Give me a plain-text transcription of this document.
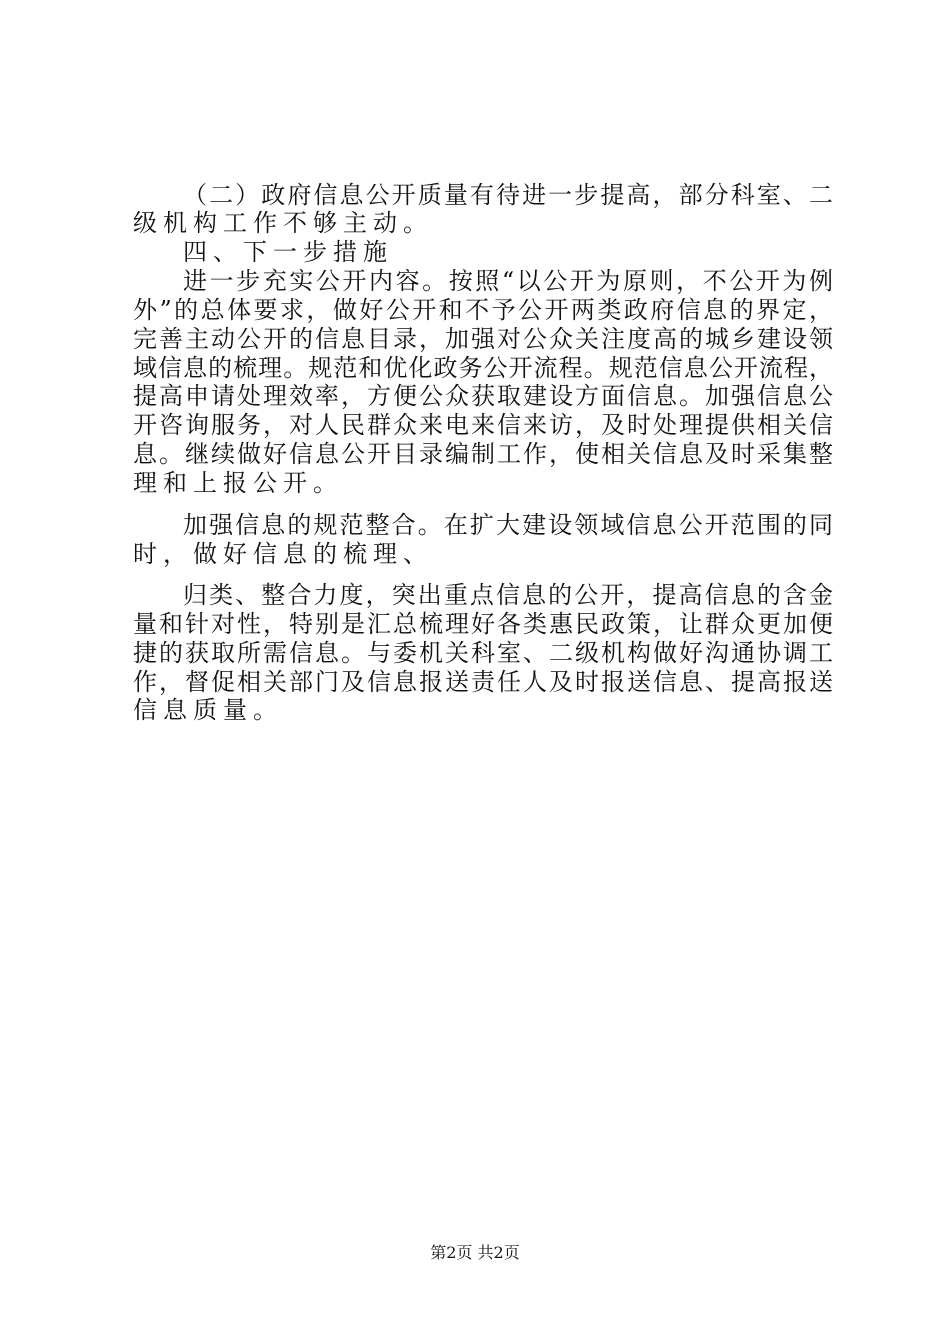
（二）政府信息公开质量有待进一步提高，部分科室、二
级机构工作不够主动。
四、下一步措施
进一步充实公开内容。按照“以公开为原则，不公开为例
外”的总体要求，做好公开和不予公开两类政府信息的界定，
完善主动公开的信息目录，加强对公众关注度高的城乡建设领
域信息的梳理。规范和优化政务公开流程。规范信息公开流程，
提高申请处理效率，方便公众获取建设方面信息。加强信息公
开咨询服务，对人民群众来电来信来访，及时处理提供相关信
息。继续做好信息公开目录编制工作，使相关信息及时采集整
理和上报公开。
加强信息的规范整合。在扩大建设领域信息公开范围的同
时，做好信息的梳理、
归类、整合力度，突出重点信息的公开，提高信息的含金
量和针对性，特别是汇总梳理好各类惠民政策，让群众更加便
捷的获取所需信息。与委机关科室、二级机构做好沟通协调工
作，督促相关部门及信息报送责任人及时报送信息、提高报送
信息质量。
第2页 共2页
